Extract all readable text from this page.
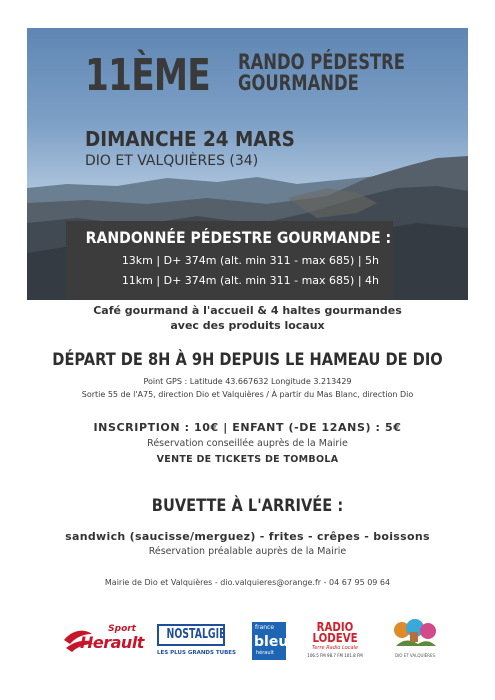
11ÈME RANDO PÉDESTRE
GOURMANDE
DIMANCHE 24 MARS
DIO ET VALQUIÈRES (34)
RANDONNÉE PÉDESTRE GOURMANDE :
13km | D+ 374m (alt. min 311 - max 685) | 5h
11km | D+ 374m (alt. min 311 - max 685) | 4h
Café gourmand à l'accueil & 4 haltes gourmandes
avec des produits locaux
DÉPART DE 8H À 9H DEPUIS LE HAMEAU DE DIO
Point GPS : Latitude 43.667632 Longitude 3.213429
Sortie 55 de l'A75, direction Dio et Valquières / À partir du Mas Blanc, direction Dio
INSCRIPTION : 10€ | ENFANT (-DE 12ANS) : 5€
Réservation conseillée auprès de la Mairie
VENTE DE TICKETS DE TOMBOLA
BUVETTE À L'ARRIVÉE :
sandwich (saucisse/merguez) - frites - crêpes - boissons
Réservation préalable auprès de la Mairie
Mairie de Dio et Valquières - dio.valquieres@orange.fr - 04 67 95 09 64
Sport
Herault NOSTALGIE
LES PLUS GRANDS TUBES
france
bleu
hérault
RADIO
LODEVE
Terre Radio Locale
106.5 FM 98.7 FM 101.8 FM	DIO ET VALQUIÈRES
